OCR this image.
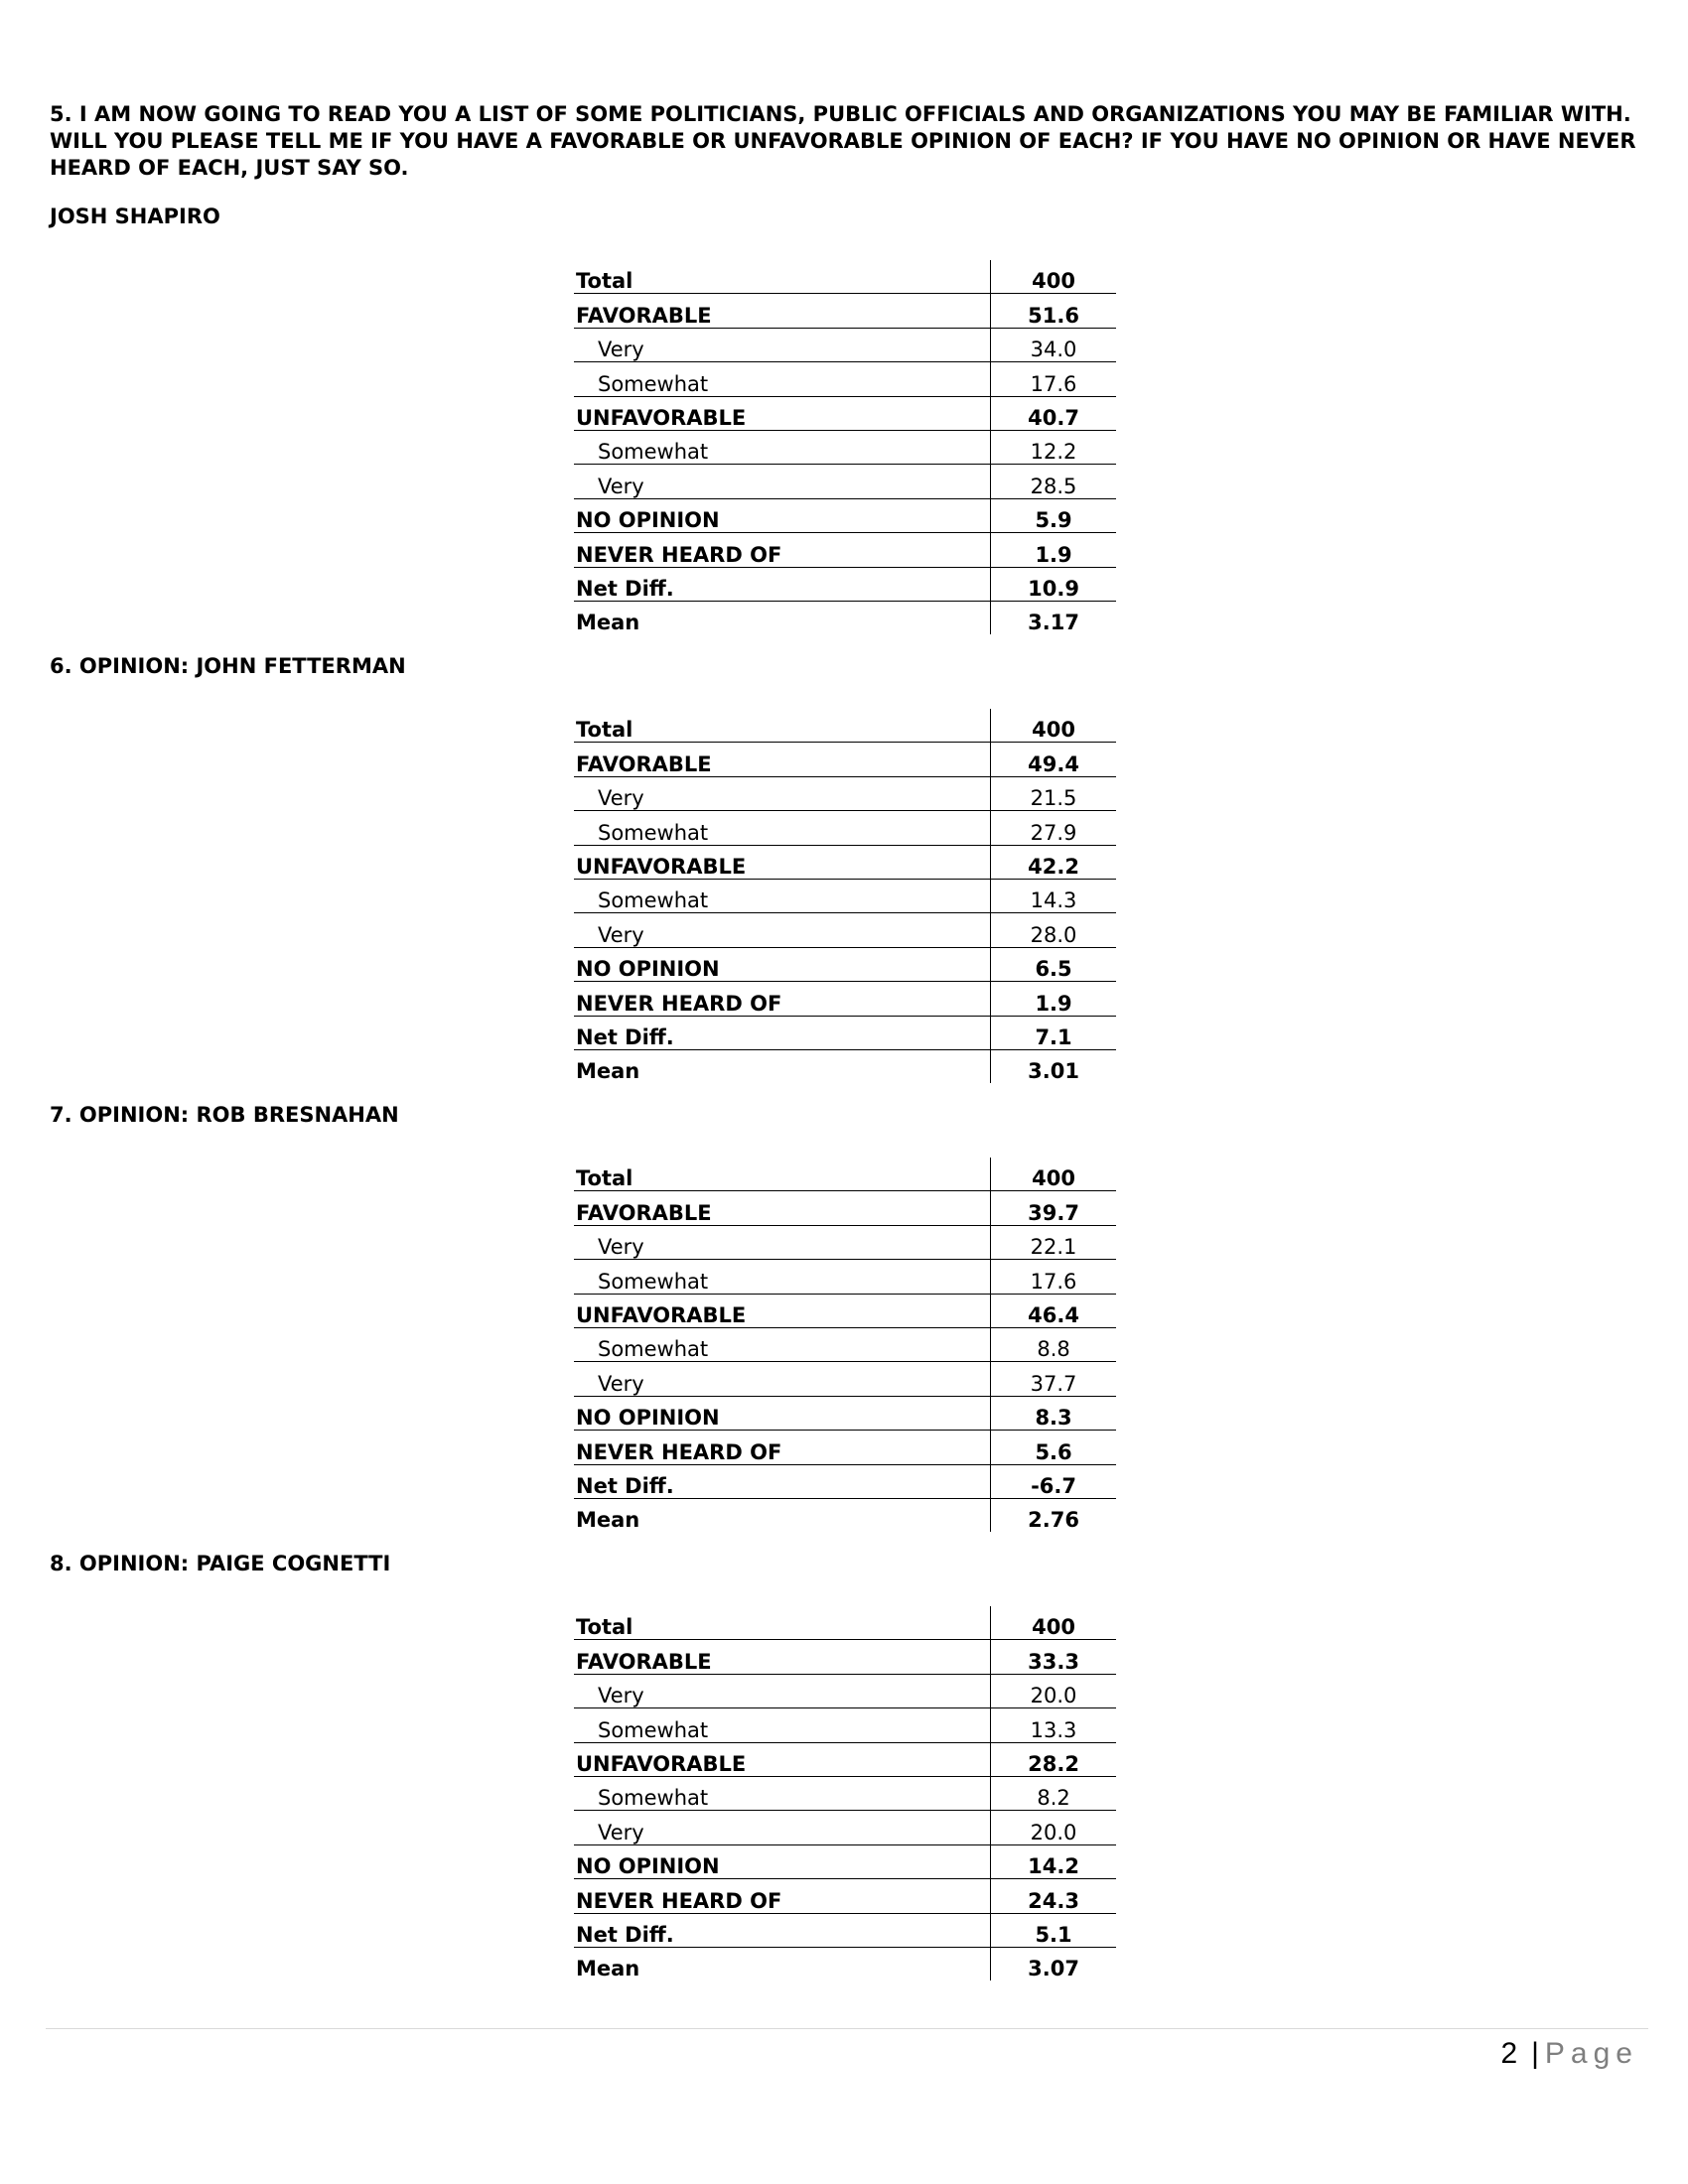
5. I AM NOW GOING TO READ YOU A LIST OF SOME POLITICIANS, PUBLIC OFFICIALS AND ORGANIZATIONS YOU MAY BE FAMILIAR WITH. WILL YOU PLEASE TELL ME IF YOU HAVE A FAVORABLE OR UNFAVORABLE OPINION OF EACH? IF YOU HAVE NO OPINION OR HAVE NEVER HEARD OF EACH, JUST SAY SO.

JOSH SHAPIRO

Total	400
FAVORABLE	51.6
Very	34.0
Somewhat	17.6
UNFAVORABLE	40.7
Somewhat	12.2
Very	28.5
NO OPINION	5.9
NEVER HEARD OF	1.9
Net Diff.	10.9
Mean	3.17

6. OPINION: JOHN FETTERMAN

Total	400
FAVORABLE	49.4
Very	21.5
Somewhat	27.9
UNFAVORABLE	42.2
Somewhat	14.3
Very	28.0
NO OPINION	6.5
NEVER HEARD OF	1.9
Net Diff.	7.1
Mean	3.01

7. OPINION: ROB BRESNAHAN

Total	400
FAVORABLE	39.7
Very	22.1
Somewhat	17.6
UNFAVORABLE	46.4
Somewhat	8.8
Very	37.7
NO OPINION	8.3
NEVER HEARD OF	5.6
Net Diff.	-6.7
Mean	2.76

8. OPINION: PAIGE COGNETTI

Total	400
FAVORABLE	33.3
Very	20.0
Somewhat	13.3
UNFAVORABLE	28.2
Somewhat	8.2
Very	20.0
NO OPINION	14.2
NEVER HEARD OF	24.3
Net Diff.	5.1
Mean	3.07
2 | Page
